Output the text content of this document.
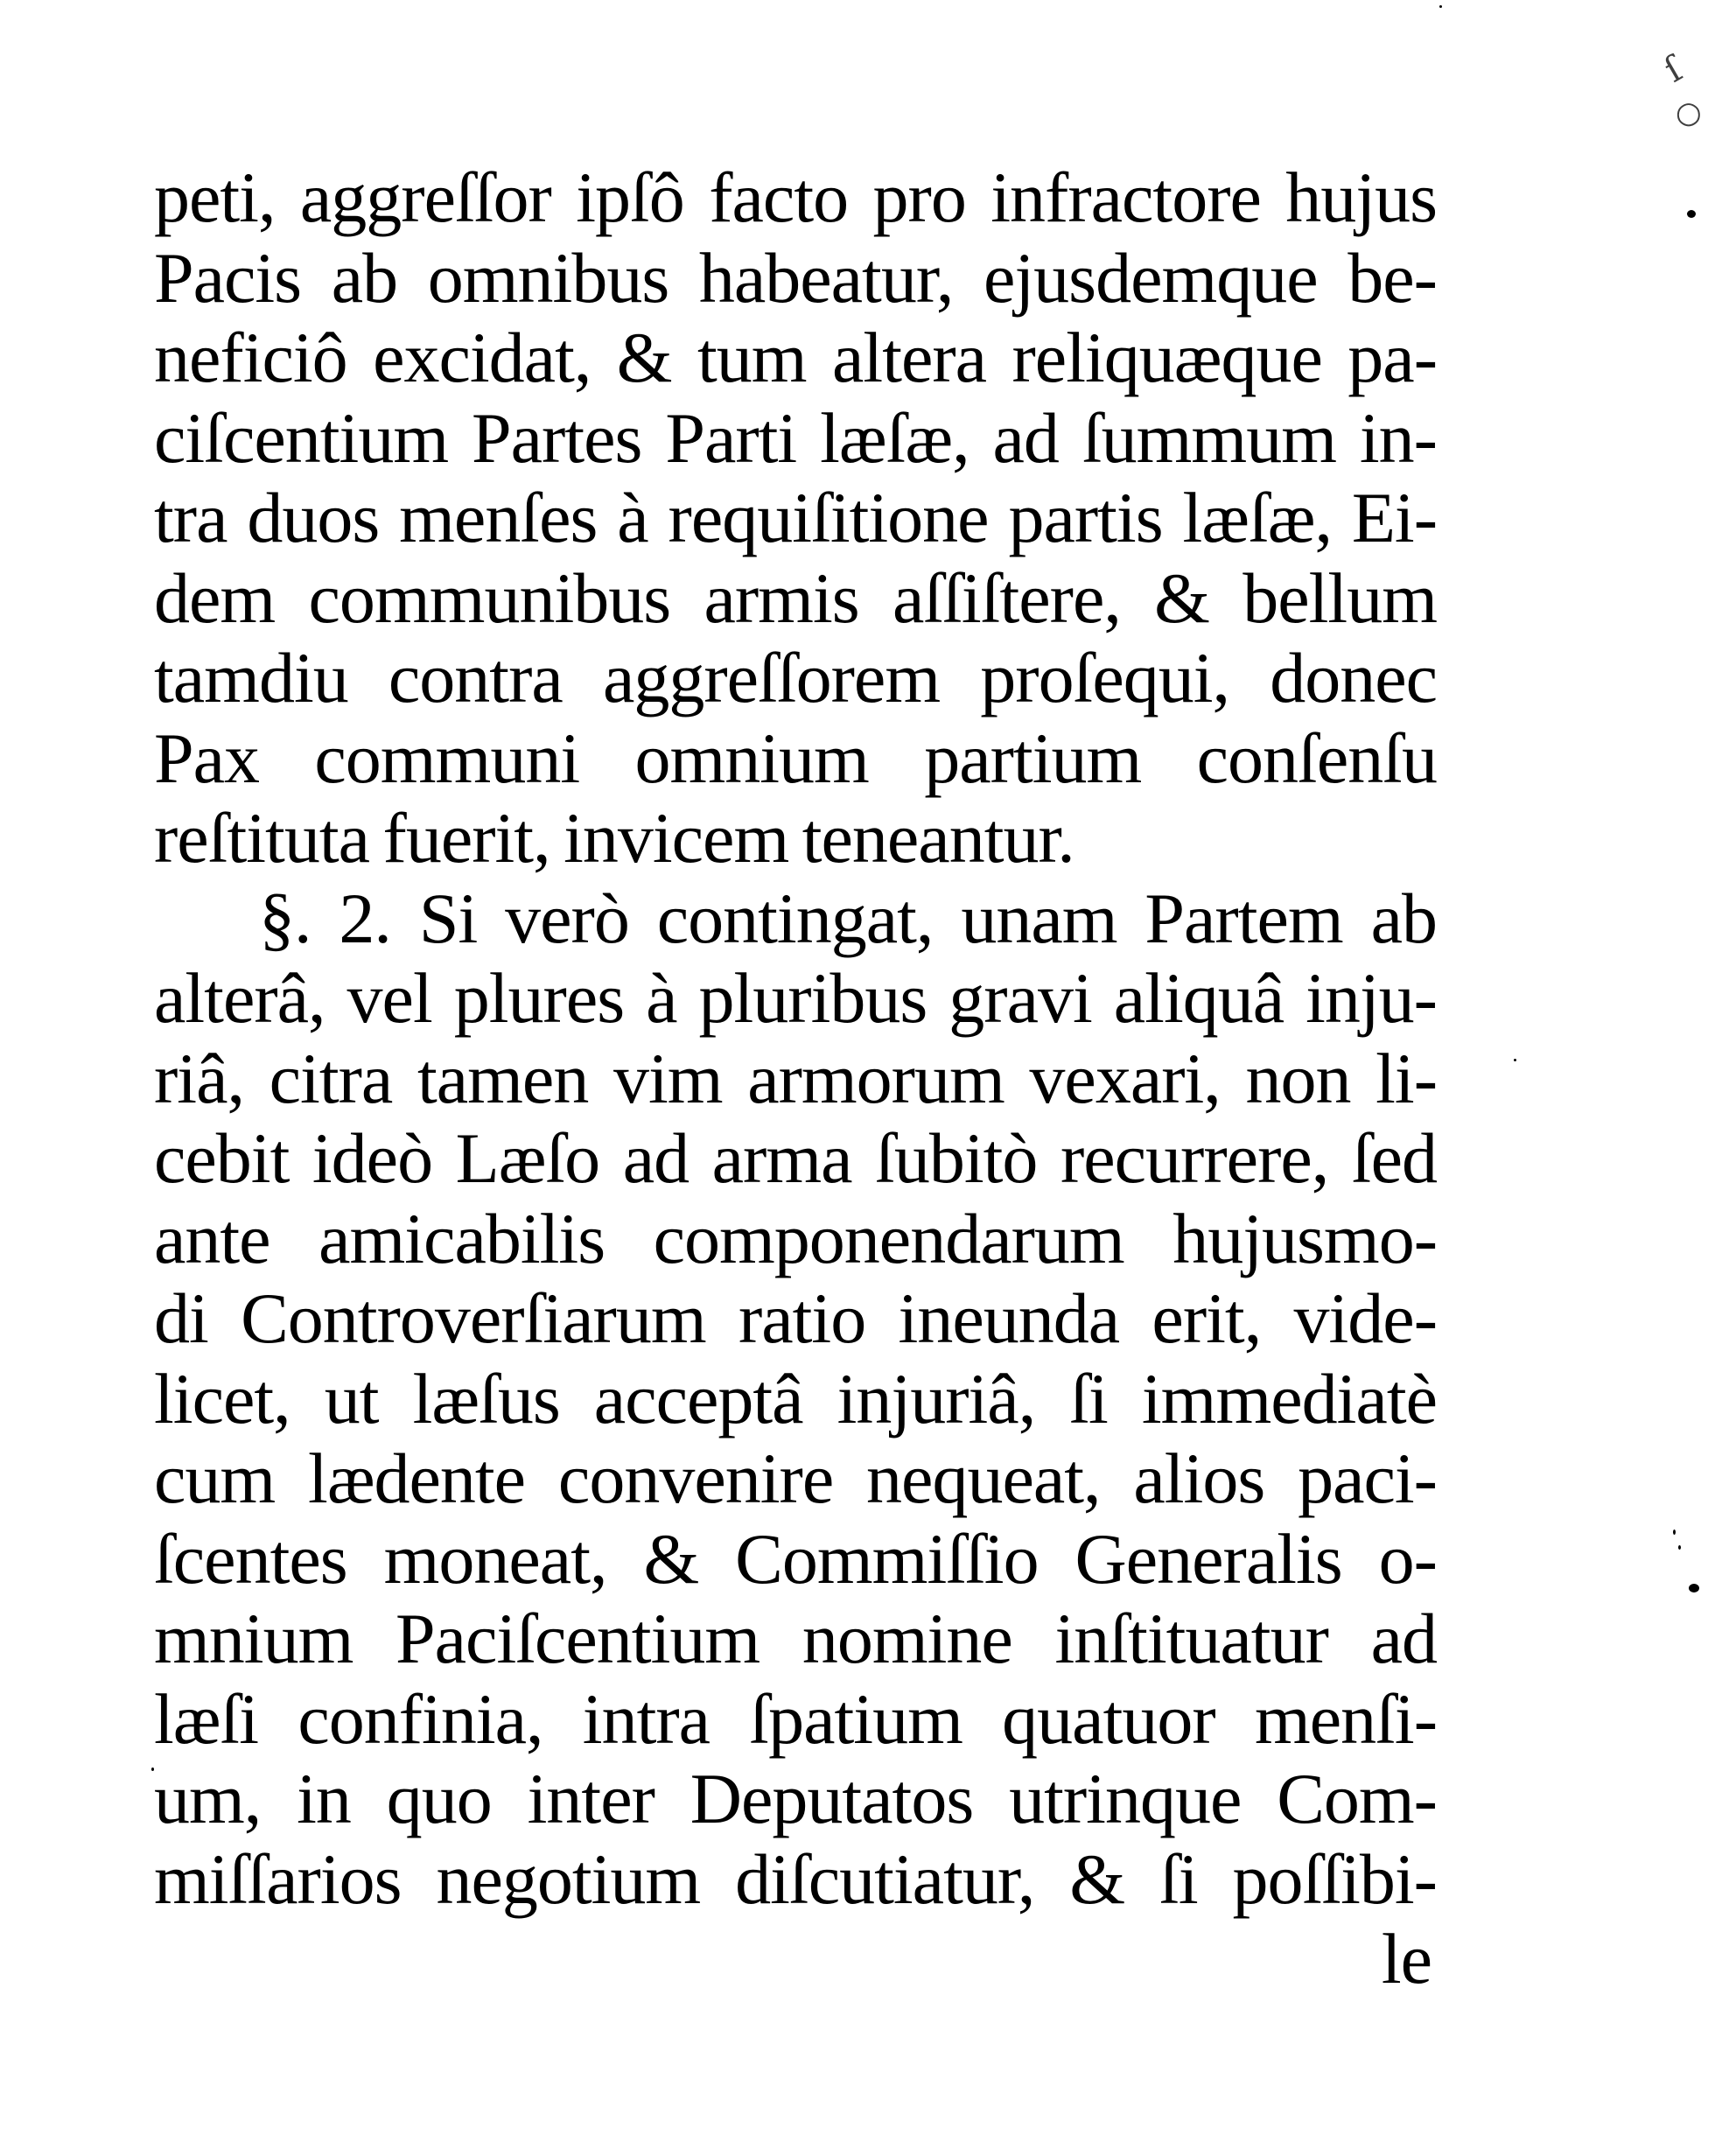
peti, aggreſſor ipſô facto pro infractore hujus
Pacis ab omnibus habeatur, ejusdemque be-
neficiô excidat, & tum altera reliquæque pa-
ciſcentium Partes Parti læſæ, ad ſummum in-
tra duos menſes à requiſitione partis læſæ, Ei-
dem communibus armis aſſiſtere, & bellum
tamdiu contra aggreſſorem proſequi, donec
Pax communi omnium partium conſenſu
reſtituta fuerit, invicem teneantur.
§. 2. Si verò contingat, unam Partem ab
alterâ, vel plures à pluribus gravi aliquâ inju-
riâ, citra tamen vim armorum vexari, non li-
cebit ideò Læſo ad arma ſubitò recurrere, ſed
ante amicabilis componendarum hujusmo-
di Controverſiarum ratio ineunda erit, vide-
licet, ut læſus acceptâ injuriâ, ſi immediatè
cum lædente convenire nequeat, alios paci-
ſcentes moneat, & Commiſſio Generalis o-
mnium Paciſcentium nomine inſtituatur ad
læſi confinia, intra ſpatium quatuor menſi-
um, in quo inter Deputatos utrinque Com-
miſſarios negotium diſcutiatur, & ſi poſſibi-
le
ſ
○
